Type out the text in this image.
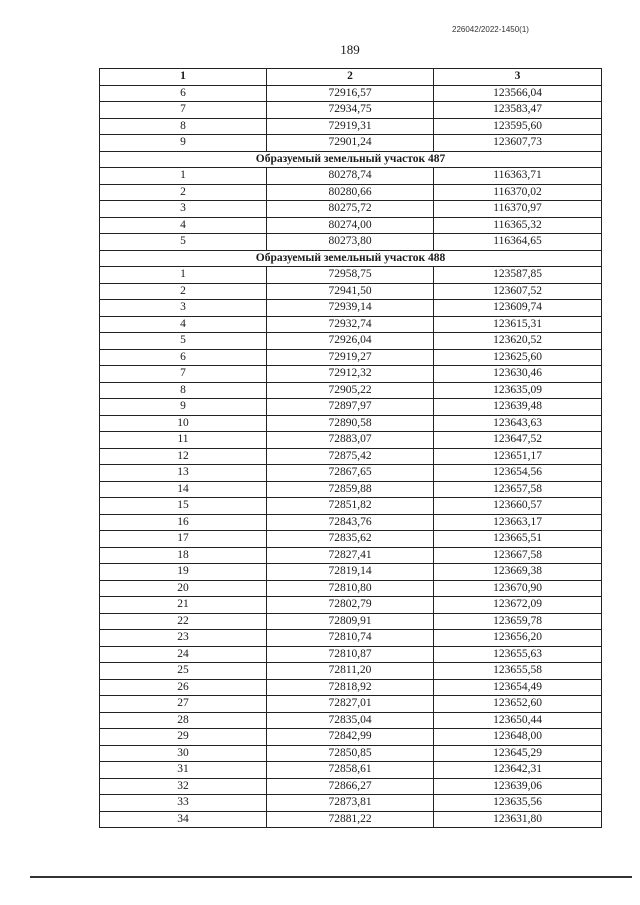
226042/2022-1450(1)
189
1	2	3
6	72916,57	123566,04
7	72934,75	123583,47
8	72919,31	123595,60
9	72901,24	123607,73
Образуемый земельный участок 487		
1	80278,74	116363,71
2	80280,66	116370,02
3	80275,72	116370,97
4	80274,00	116365,32
5	80273,80	116364,65
Образуемый земельный участок 488		
1	72958,75	123587,85
2	72941,50	123607,52
3	72939,14	123609,74
4	72932,74	123615,31
5	72926,04	123620,52
6	72919,27	123625,60
7	72912,32	123630,46
8	72905,22	123635,09
9	72897,97	123639,48
10	72890,58	123643,63
11	72883,07	123647,52
12	72875,42	123651,17
13	72867,65	123654,56
14	72859,88	123657,58
15	72851,82	123660,57
16	72843,76	123663,17
17	72835,62	123665,51
18	72827,41	123667,58
19	72819,14	123669,38
20	72810,80	123670,90
21	72802,79	123672,09
22	72809,91	123659,78
23	72810,74	123656,20
24	72810,87	123655,63
25	72811,20	123655,58
26	72818,92	123654,49
27	72827,01	123652,60
28	72835,04	123650,44
29	72842,99	123648,00
30	72850,85	123645,29
31	72858,61	123642,31
32	72866,27	123639,06
33	72873,81	123635,56
34	72881,22	123631,80
